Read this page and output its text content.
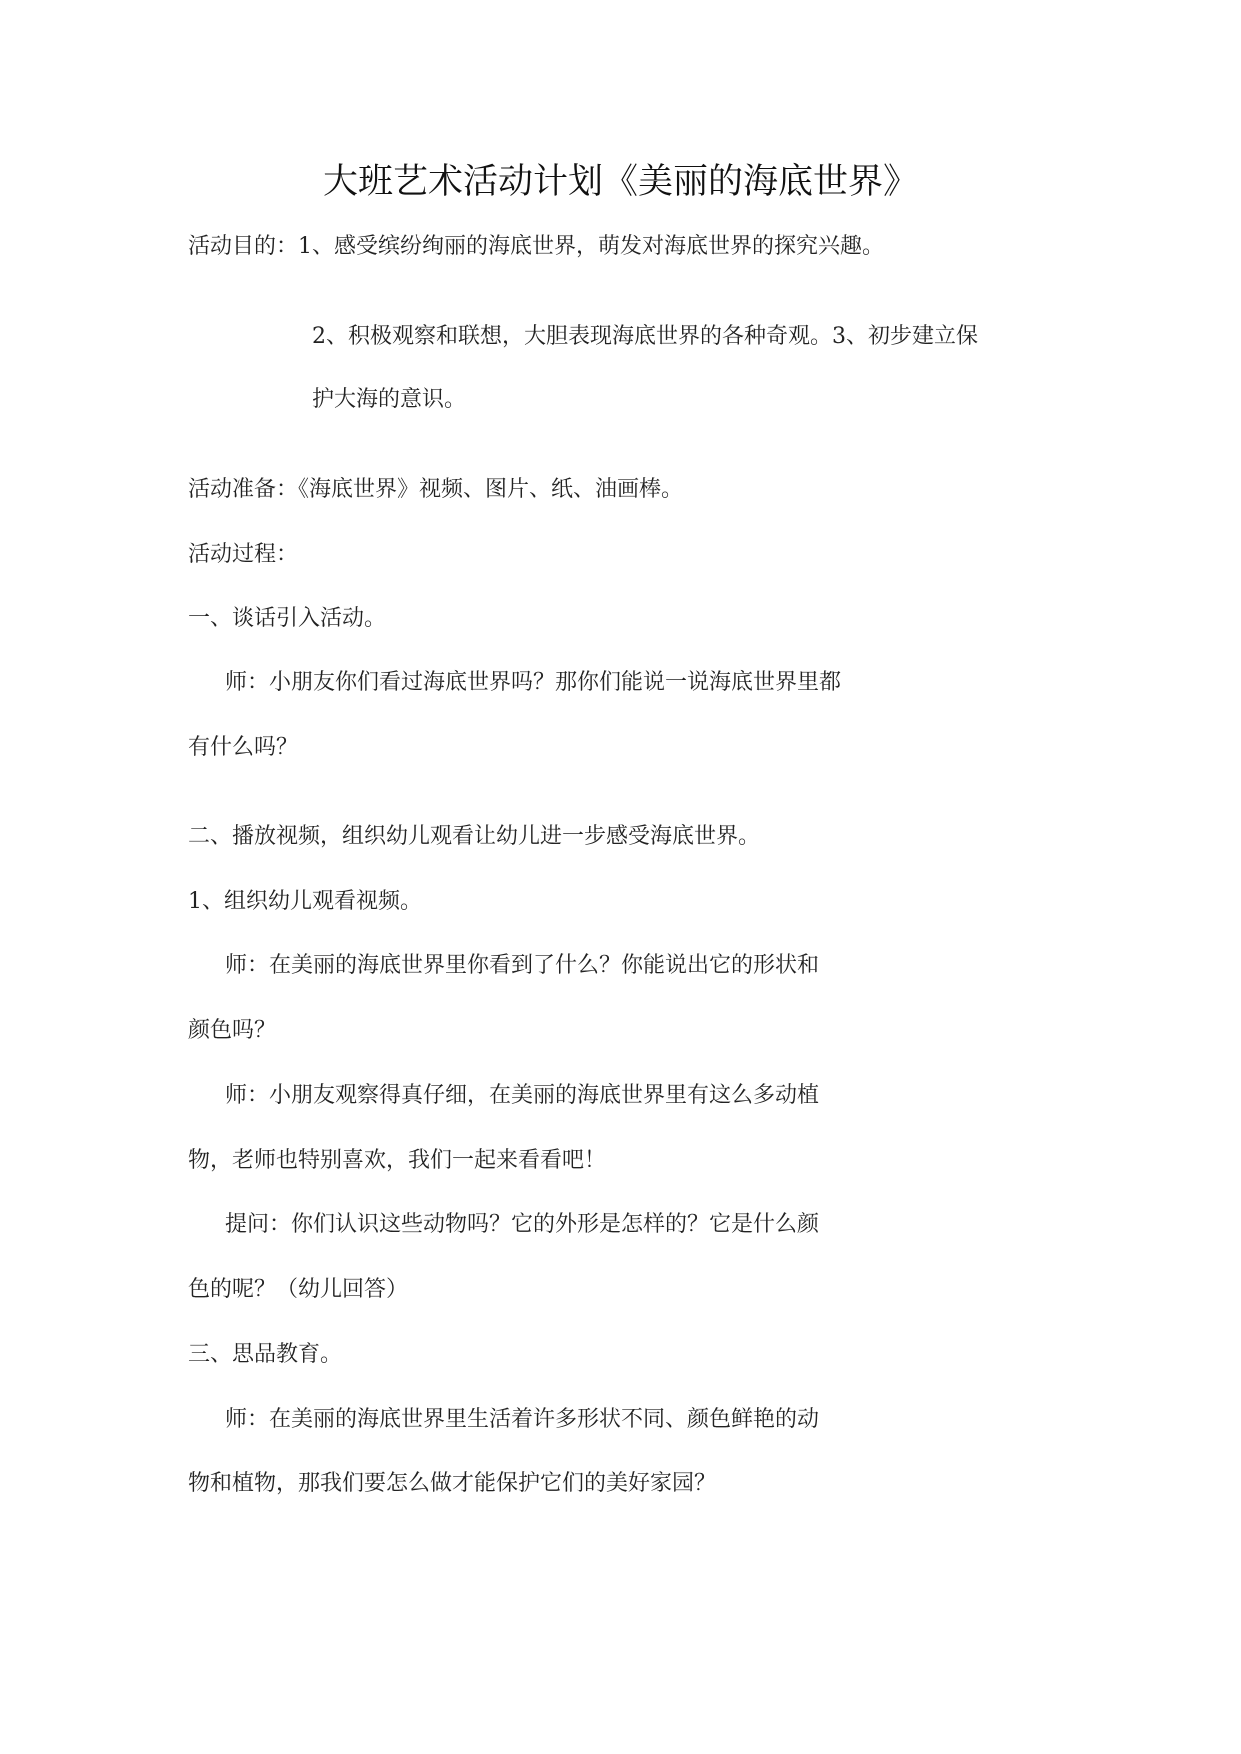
大班艺术活动计划《美丽的海底世界》
活动目的：1、感受缤纷绚丽的海底世界，萌发对海底世界的探究兴趣。
2、积极观察和联想，大胆表现海底世界的各种奇观。3、初步建立保
护大海的意识。
活动准备：《海底世界》视频、图片、纸、油画棒。
活动过程：
一、谈话引入活动。
师：小朋友你们看过海底世界吗？那你们能说一说海底世界里都
有什么吗？
二、播放视频，组织幼儿观看让幼儿进一步感受海底世界。
1、组织幼儿观看视频。
师：在美丽的海底世界里你看到了什么？你能说出它的形状和
颜色吗？
师：小朋友观察得真仔细，在美丽的海底世界里有这么多动植
物，老师也特别喜欢，我们一起来看看吧！
提问：你们认识这些动物吗？它的外形是怎样的？它是什么颜
色的呢？（幼儿回答）
三、思品教育。
师：在美丽的海底世界里生活着许多形状不同、颜色鲜艳的动
物和植物，那我们要怎么做才能保护它们的美好家园？
